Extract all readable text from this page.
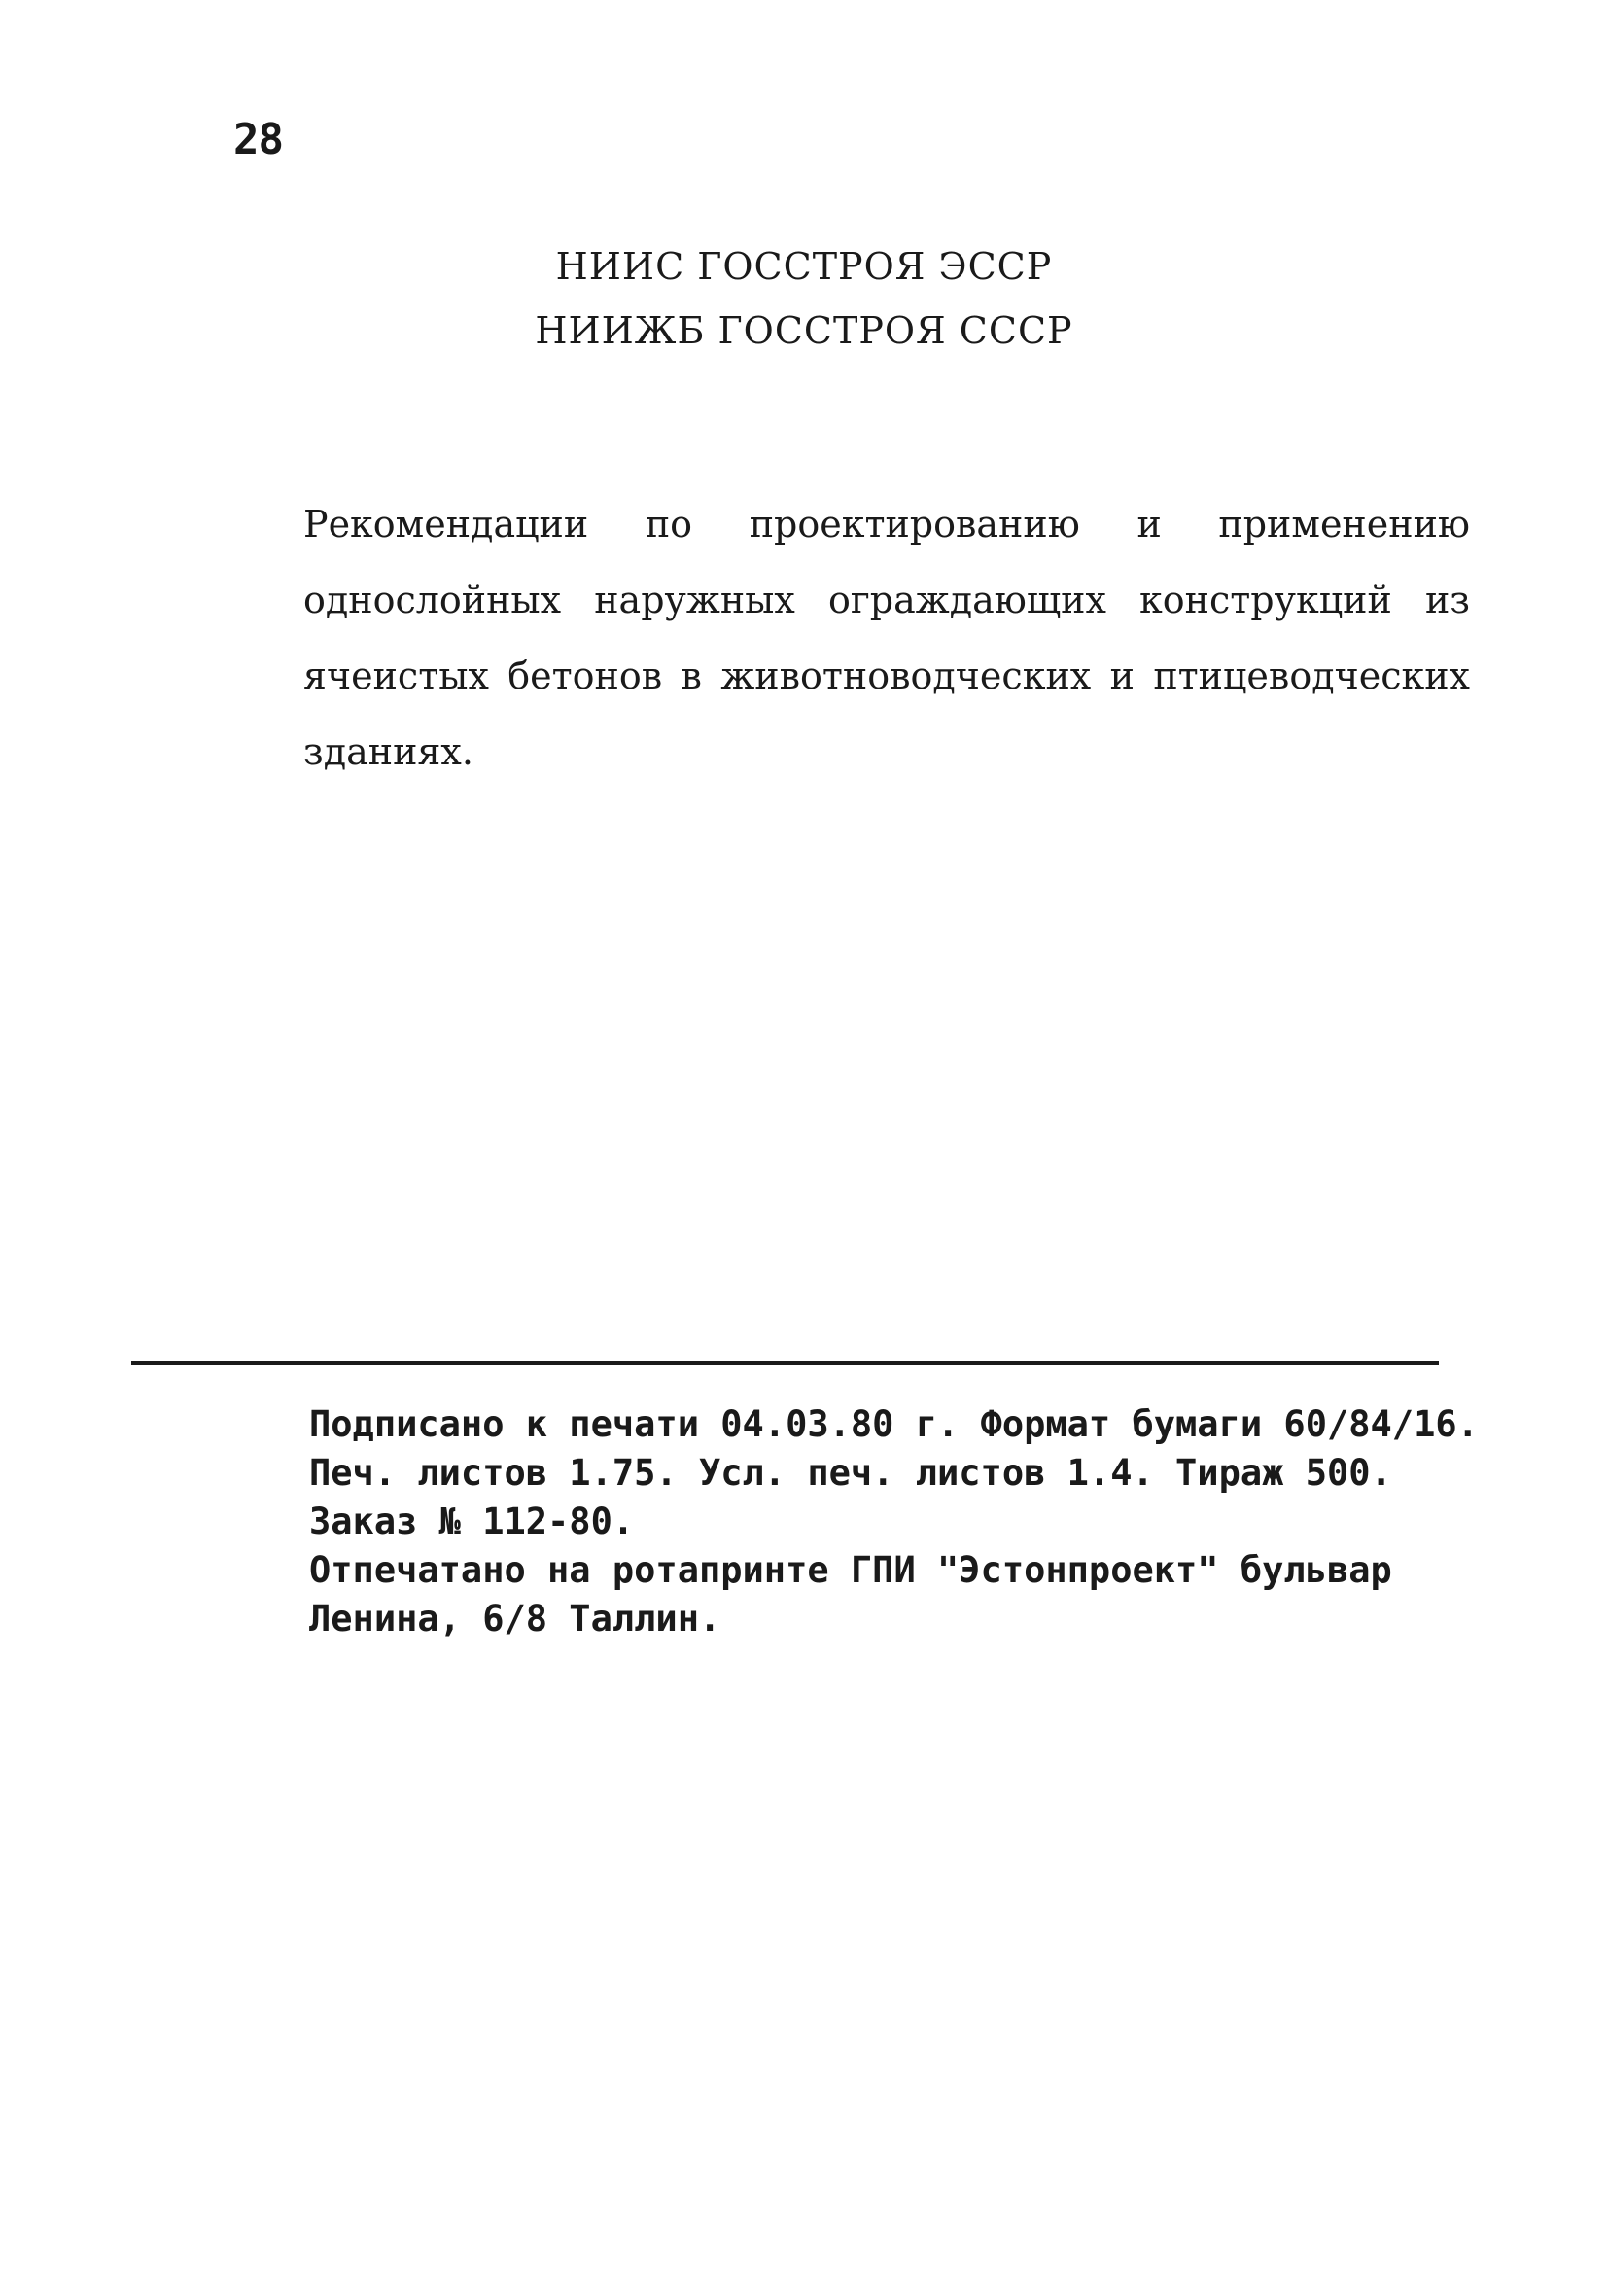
28
НИИС ГОССТРОЯ ЭССР
НИИЖБ ГОССТРОЯ СССР

Рекомендации по проектированию и применению однослойных наружных ограждающих конструкций из ячеистых бетонов в животноводческих и птицеводческих зданиях.

Подписано к печати 04.03.80 г. Формат бумаги 60/84/16.
Печ. листов 1.75. Усл. печ. листов 1.4. Тираж 500.
Заказ № 112-80.
Отпечатано на ротапринте ГПИ "Эстонпроект" бульвар
Ленина, 6/8 Таллин.
